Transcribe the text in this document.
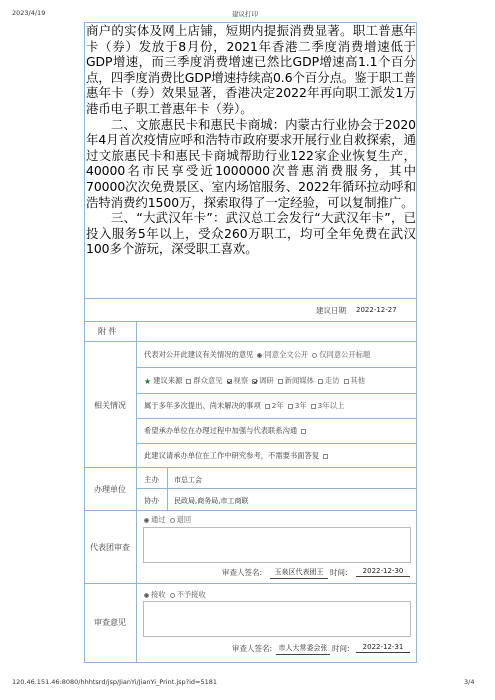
2023/4/19	建议打印
120.46.151.46:8080/hhhtsrd/jsp/JianYi/JianYi_Print.jsp?id=5181	3/4

商户的实体及网上店铺，短期内提振消费显著。职工普惠年卡（券）发放于8月份，2021年香港二季度消费增速低于GDP增速，而三季度消费增速已然比GDP增速高1.1个百分点，四季度消费比GDP增速持续高0.6个百分点。鉴于职工普惠年卡（券）效果显著，香港决定2022年再向职工派发1万港币电子职工普惠年卡（券）。

二、文旅惠民卡和惠民卡商城：内蒙古行业协会于2020年4月首次疫情应呼和浩特市政府要求开展行业自救探索，通过文旅惠民卡和惠民卡商城帮助行业122家企业恢复生产，40000名市民享受近1000000次普惠消费服务，其中70000次次免费景区、室内场馆服务、2022年循环拉动呼和浩特消费约1500万，探索取得了一定经验，可以复制推广。

三、“大武汉年卡”：武汉总工会发行“大武汉年卡”，已投入服务5年以上，受众260万职工，均可全年免费在武汉100多个游玩，深受职工喜欢。

建议日期 2022-12-27
附 件
相关情况
代表对公开此建议有关情况的意见 同意全文公开 仅同意公开标题
★ 建议来源 群众意见 视察 调研 新闻媒体 走访 其他
属于多年多次提出、尚未解决的事项 2年 3年 3年以上
希望承办单位在办理过程中加强与代表联系沟通
此建议请承办单位在工作中研究参考，不需要书面答复
办理单位
主办 市总工会
协办 民政局,商务局,市工商联
代表团审查
通过 退回
审查人签名:	玉泉区代表团王 时间:	2022-12-30
审查意见
接收 不予接收
审查人签名: 市人大常委会张 时间:	2022-12-31
